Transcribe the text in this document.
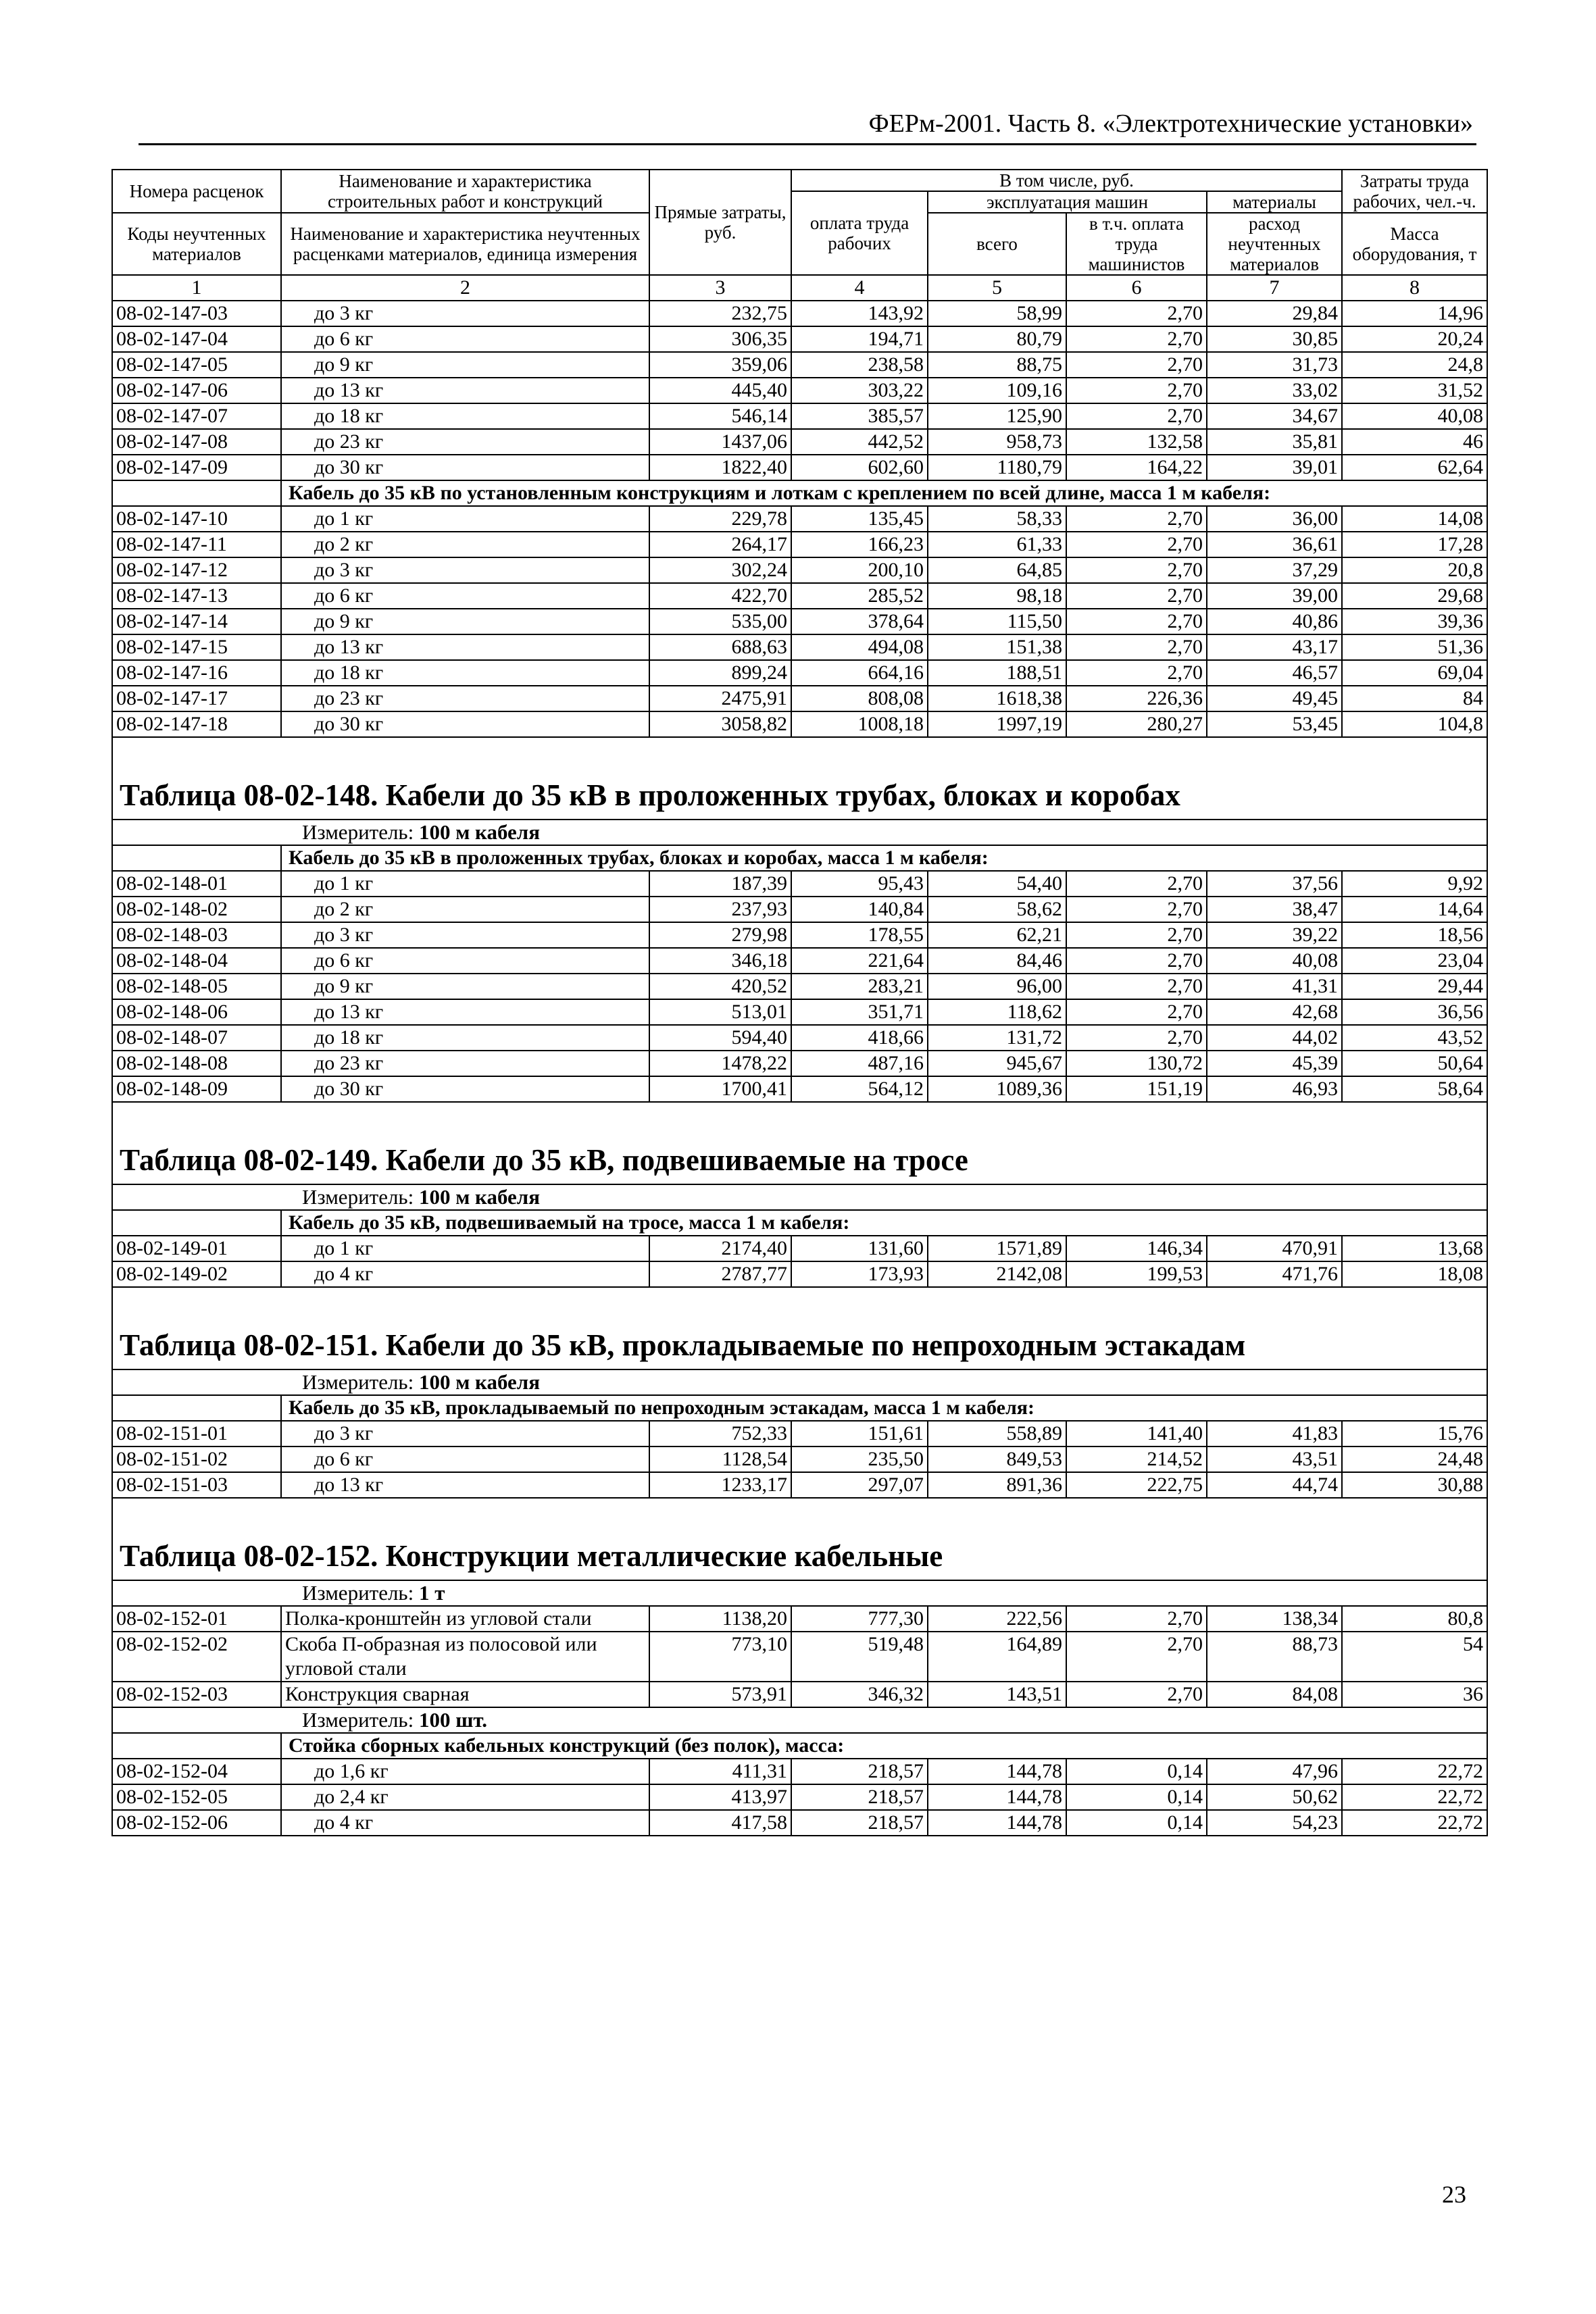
ФЕРм-2001. Часть 8. «Электротехнические установки»
Номера расценок	Наименование и характеристика строительных работ и конструкций	Прямые затраты, руб.	В том числе, руб.				Затраты труда рабочих, чел.-ч.
			оплата труда рабочих	эксплуатация машин		материалы	
Коды неучтенных материалов	Наименование и характеристика неучтенных расценками материалов, единица измерения			всего	в т.ч. оплата труда машинистов	расход неучтенных материалов	
							Масса оборудования, т
1	2	3	4	5	6	7	8
08-02-147-03	до 3 кг	232,75	143,92	58,99	2,70	29,84	14,96
08-02-147-04	до 6 кг	306,35	194,71	80,79	2,70	30,85	20,24
08-02-147-05	до 9 кг	359,06	238,58	88,75	2,70	31,73	24,8
08-02-147-06	до 13 кг	445,40	303,22	109,16	2,70	33,02	31,52
08-02-147-07	до 18 кг	546,14	385,57	125,90	2,70	34,67	40,08
08-02-147-08	до 23 кг	1437,06	442,52	958,73	132,58	35,81	46
08-02-147-09	до 30 кг	1822,40	602,60	1180,79	164,22	39,01	62,64
	Кабель до 35 кВ по установленным конструкциям и лоткам с креплением по всей длине, масса 1 м кабеля:						
08-02-147-10	до 1 кг	229,78	135,45	58,33	2,70	36,00	14,08
08-02-147-11	до 2 кг	264,17	166,23	61,33	2,70	36,61	17,28
08-02-147-12	до 3 кг	302,24	200,10	64,85	2,70	37,29	20,8
08-02-147-13	до 6 кг	422,70	285,52	98,18	2,70	39,00	29,68
08-02-147-14	до 9 кг	535,00	378,64	115,50	2,70	40,86	39,36
08-02-147-15	до 13 кг	688,63	494,08	151,38	2,70	43,17	51,36
08-02-147-16	до 18 кг	899,24	664,16	188,51	2,70	46,57	69,04
08-02-147-17	до 23 кг	2475,91	808,08	1618,38	226,36	49,45	84
08-02-147-18	до 30 кг	3058,82	1008,18	1997,19	280,27	53,45	104,8
Таблица 08-02-148. Кабели до 35 кВ в проложенных трубах, блоках и коробах							
Измеритель: 100 м кабеля							
	Кабель до 35 кВ в проложенных трубах, блоках и коробах, масса 1 м кабеля:						
08-02-148-01	до 1 кг	187,39	95,43	54,40	2,70	37,56	9,92
08-02-148-02	до 2 кг	237,93	140,84	58,62	2,70	38,47	14,64
08-02-148-03	до 3 кг	279,98	178,55	62,21	2,70	39,22	18,56
08-02-148-04	до 6 кг	346,18	221,64	84,46	2,70	40,08	23,04
08-02-148-05	до 9 кг	420,52	283,21	96,00	2,70	41,31	29,44
08-02-148-06	до 13 кг	513,01	351,71	118,62	2,70	42,68	36,56
08-02-148-07	до 18 кг	594,40	418,66	131,72	2,70	44,02	43,52
08-02-148-08	до 23 кг	1478,22	487,16	945,67	130,72	45,39	50,64
08-02-148-09	до 30 кг	1700,41	564,12	1089,36	151,19	46,93	58,64
Таблица 08-02-149. Кабели до 35 кВ, подвешиваемые на тросе							
Измеритель: 100 м кабеля							
	Кабель до 35 кВ, подвешиваемый на тросе, масса 1 м кабеля:						
08-02-149-01	до 1 кг	2174,40	131,60	1571,89	146,34	470,91	13,68
08-02-149-02	до 4 кг	2787,77	173,93	2142,08	199,53	471,76	18,08
Таблица 08-02-151. Кабели до 35 кВ, прокладываемые по непроходным эстакадам							
Измеритель: 100 м кабеля							
	Кабель до 35 кВ, прокладываемый по непроходным эстакадам, масса 1 м кабеля:						
08-02-151-01	до 3 кг	752,33	151,61	558,89	141,40	41,83	15,76
08-02-151-02	до 6 кг	1128,54	235,50	849,53	214,52	43,51	24,48
08-02-151-03	до 13 кг	1233,17	297,07	891,36	222,75	44,74	30,88
Таблица 08-02-152. Конструкции металлические кабельные							
Измеритель: 1 т							
08-02-152-01	Полка-кронштейн из угловой стали	1138,20	777,30	222,56	2,70	138,34	80,8
08-02-152-02	Скоба П-образная из полосовой или угловой стали	773,10	519,48	164,89	2,70	88,73	54
08-02-152-03	Конструкция сварная	573,91	346,32	143,51	2,70	84,08	36
Измеритель: 100 шт.							
	Стойка сборных кабельных конструкций (без полок), масса:						
08-02-152-04	до 1,6 кг	411,31	218,57	144,78	0,14	47,96	22,72
08-02-152-05	до 2,4 кг	413,97	218,57	144,78	0,14	50,62	22,72
08-02-152-06	до 4 кг	417,58	218,57	144,78	0,14	54,23	22,72
23
